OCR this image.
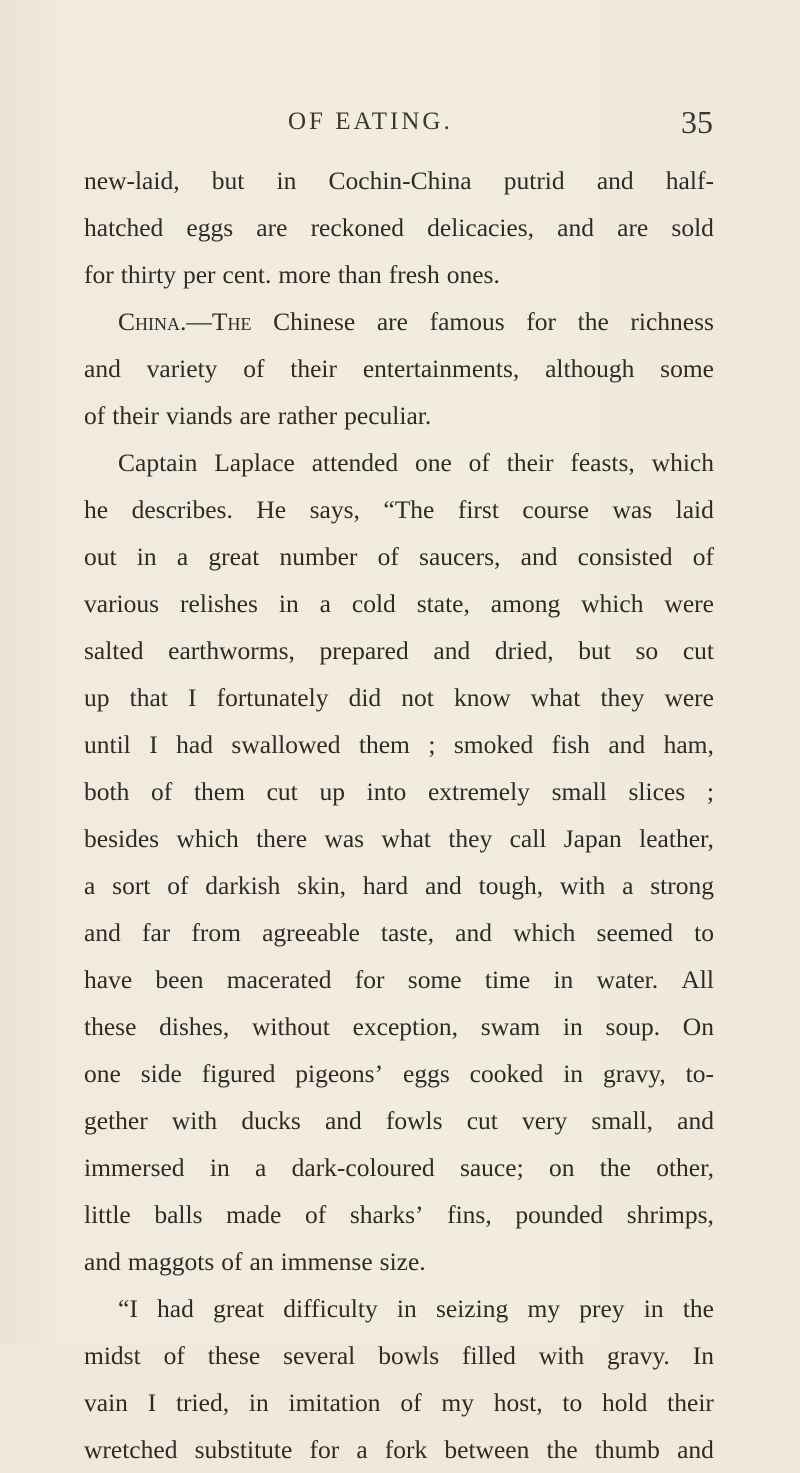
OF EATING.	35
new-laid, but in Cochin-China putrid and half-
hatched eggs are reckoned delicacies, and are sold
for thirty per cent. more than fresh ones.
China.—The Chinese are famous for the richness
and variety of their entertainments, although some
of their viands are rather peculiar.
Captain Laplace attended one of their feasts, which
he describes. He says, “The first course was laid
out in a great number of saucers, and consisted of
various relishes in a cold state, among which were
salted earthworms, prepared and dried, but so cut
up that I fortunately did not know what they were
until I had swallowed them ; smoked fish and ham,
both of them cut up into extremely small slices ;
besides which there was what they call Japan leather,
a sort of darkish skin, hard and tough, with a strong
and far from agreeable taste, and which seemed to
have been macerated for some time in water. All
these dishes, without exception, swam in soup. On
one side figured pigeons’ eggs cooked in gravy, to-
gether with ducks and fowls cut very small, and
immersed in a dark-coloured sauce; on the other,
little balls made of sharks’ fins, pounded shrimps,
and maggots of an immense size.
“I had great difficulty in seizing my prey in the
midst of these several bowls filled with gravy. In
vain I tried, in imitation of my host, to hold their
wretched substitute for a fork between the thumb and
